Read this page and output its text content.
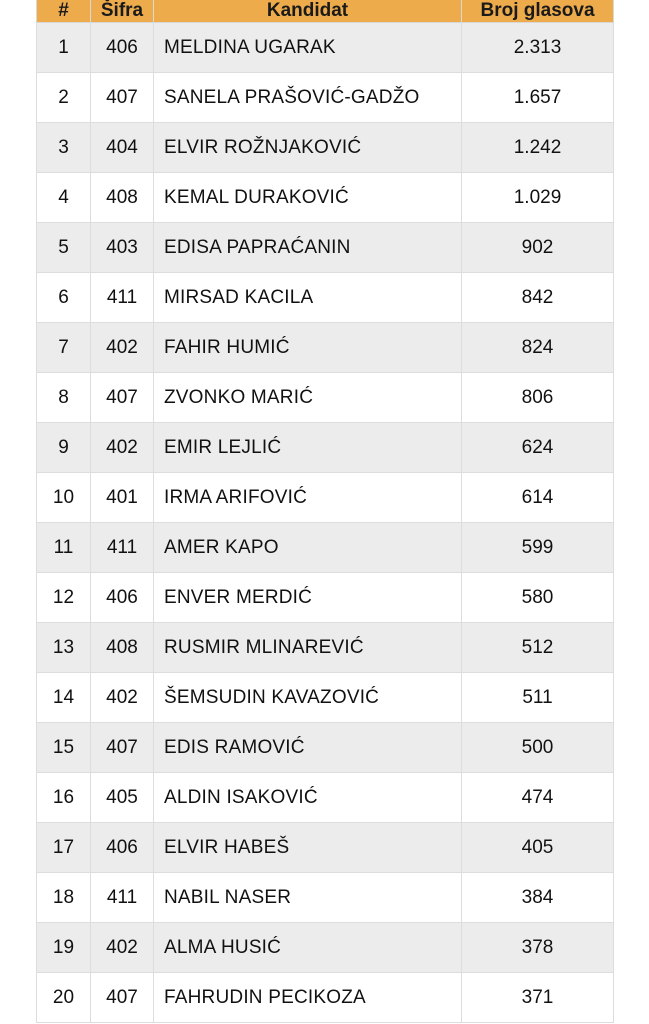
#	Šifra	Kandidat	Broj glasova
1	406	MELDINA UGARAK	2.313
2	407	SANELA PRAŠOVIĆ-GADŽO	1.657
3	404	ELVIR ROŽNJAKOVIĆ	1.242
4	408	KEMAL DURAKOVIĆ	1.029
5	403	EDISA PAPRAĆANIN	902
6	411	MIRSAD KACILA	842
7	402	FAHIR HUMIĆ	824
8	407	ZVONKO MARIĆ	806
9	402	EMIR LEJLIĆ	624
10	401	IRMA ARIFOVIĆ	614
11	411	AMER KAPO	599
12	406	ENVER MERDIĆ	580
13	408	RUSMIR MLINAREVIĆ	512
14	402	ŠEMSUDIN KAVAZOVIĆ	511
15	407	EDIS RAMOVIĆ	500
16	405	ALDIN ISAKOVIĆ	474
17	406	ELVIR HABEŠ	405
18	411	NABIL NASER	384
19	402	ALMA HUSIĆ	378
20	407	FAHRUDIN PECIKOZA	371
